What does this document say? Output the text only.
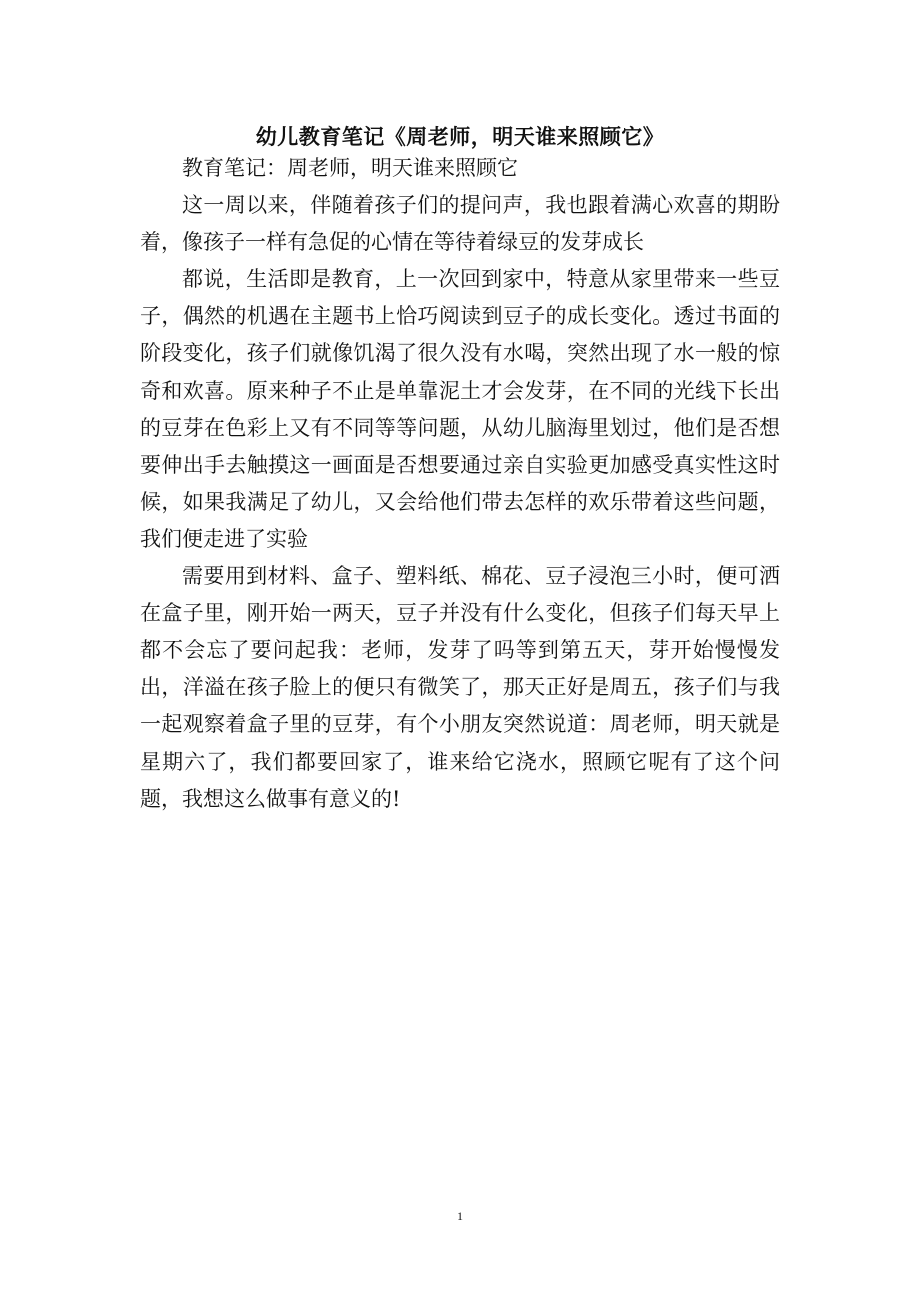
幼儿教育笔记《周老师，明天谁来照顾它》

教育笔记：周老师，明天谁来照顾它

这一周以来，伴随着孩子们的提问声，我也跟着满心欢喜的期盼着，像孩子一样有急促的心情在等待着绿豆的发芽成长

都说，生活即是教育，上一次回到家中，特意从家里带来一些豆子，偶然的机遇在主题书上恰巧阅读到豆子的成长变化。透过书面的阶段变化，孩子们就像饥渴了很久没有水喝，突然出现了水一般的惊奇和欢喜。原来种子不止是单靠泥土才会发芽，在不同的光线下长出的豆芽在色彩上又有不同等等问题，从幼儿脑海里划过，他们是否想要伸出手去触摸这一画面是否想要通过亲自实验更加感受真实性这时候，如果我满足了幼儿，又会给他们带去怎样的欢乐带着这些问题，我们便走进了实验

需要用到材料、盒子、塑料纸、棉花、豆子浸泡三小时，便可洒在盒子里，刚开始一两天，豆子并没有什么变化，但孩子们每天早上都不会忘了要问起我：老师，发芽了吗等到第五天，芽开始慢慢发出，洋溢在孩子脸上的便只有微笑了，那天正好是周五，孩子们与我一起观察着盒子里的豆芽，有个小朋友突然说道：周老师，明天就是星期六了，我们都要回家了，谁来给它浇水，照顾它呢有了这个问题，我想这么做事有意义的!

1
